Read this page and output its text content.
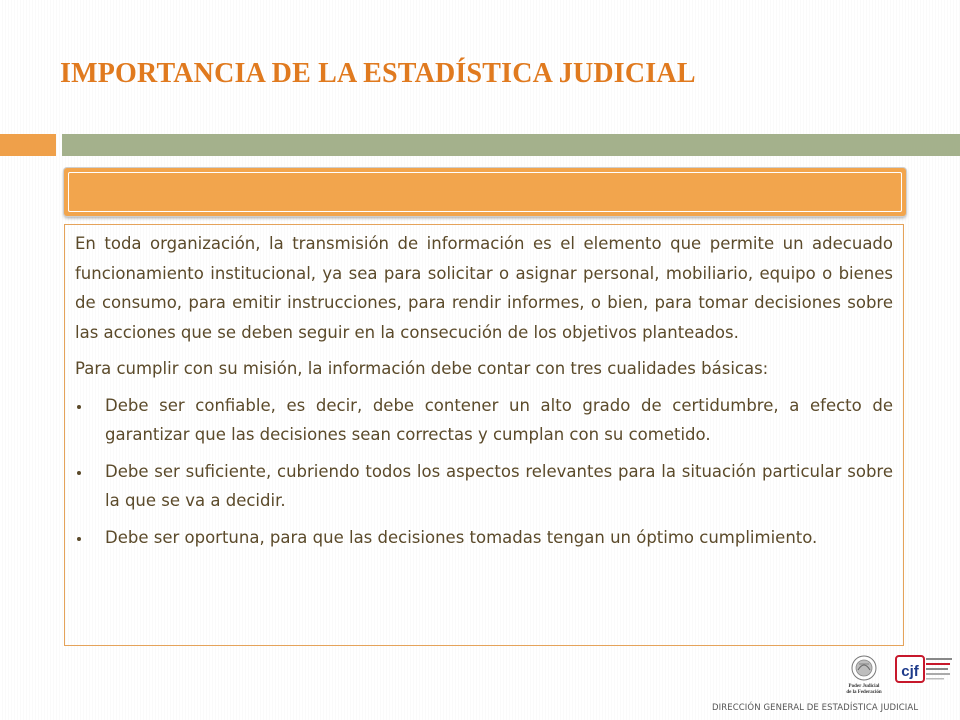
IMPORTANCIA DE LA ESTADÍSTICA JUDICIAL

En toda organización, la transmisión de información es el elemento que permite un adecuado funcionamiento institucional, ya sea para solicitar o asignar personal, mobiliario, equipo o bienes de consumo, para emitir instrucciones, para rendir informes, o bien, para tomar decisiones sobre las acciones que se deben seguir en la consecución de los objetivos planteados.

Para cumplir con su misión, la información debe contar con tres cualidades básicas:

Debe ser confiable, es decir, debe contener un alto grado de certidumbre, a efecto de garantizar que las decisiones sean correctas y cumplan con su cometido.
Debe ser suficiente, cubriendo todos los aspectos relevantes para la situación particular sobre la que se va a decidir.
Debe ser oportuna, para que las decisiones tomadas tengan un óptimo cumplimiento.
Poder Judicial
de la Federación
cjf
DIRECCIÓN GENERAL DE ESTADÍSTICA JUDICIAL
